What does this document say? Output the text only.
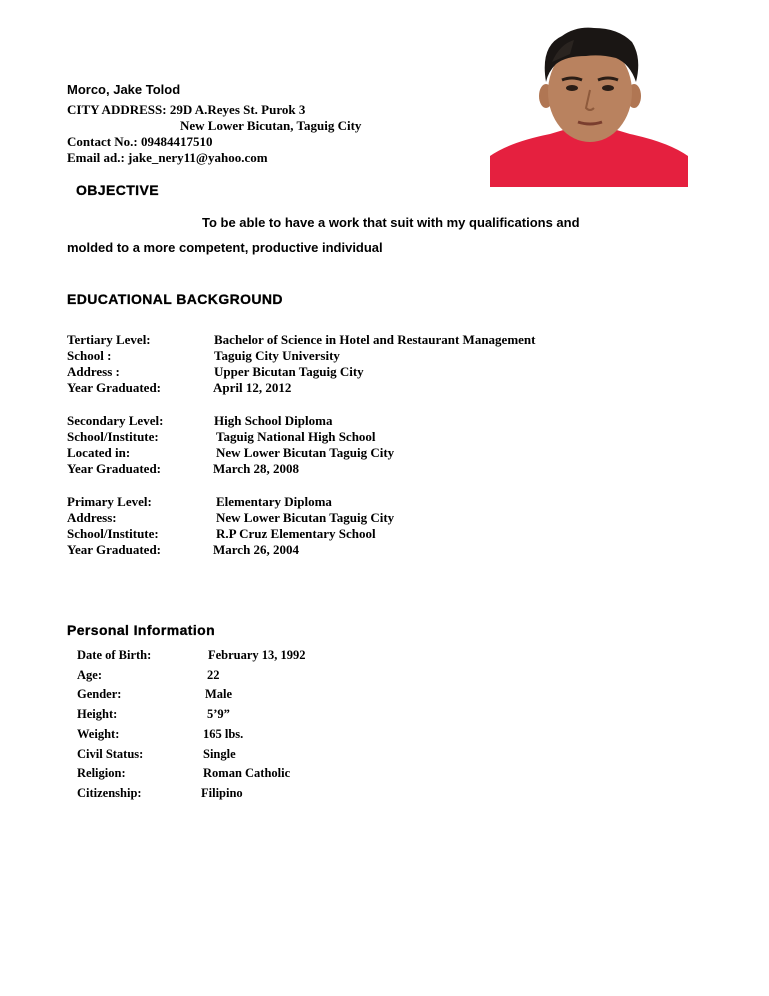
Morco, Jake Tolod
CITY ADDRESS: 29D A.Reyes St. Purok 3
New Lower Bicutan, Taguig City
Contact No.: 09484417510
Email ad.: jake_nery11@yahoo.com
OBJECTIVE
To be able to have a work that suit with my qualifications and
molded to a more competent, productive individual
EDUCATIONAL BACKGROUND
Tertiary Level:	Bachelor of Science in Hotel and Restaurant Management
School :	Taguig City University
Address :	Upper Bicutan Taguig City
Year Graduated:	April 12, 2012
Secondary Level:	High School Diploma
School/Institute:	Taguig National High School
Located in:	New Lower Bicutan Taguig City
Year Graduated:	March 28, 2008
Primary Level:	Elementary Diploma
Address:	New Lower Bicutan Taguig City
School/Institute:	R.P Cruz Elementary School
Year Graduated:	March 26, 2004
Personal Information
Date of Birth:	February 13, 1992
Age:	22
Gender:	Male
Height:	5’9”
Weight:	165 lbs.
Civil Status:	Single
Religion:	Roman Catholic
Citizenship:	Filipino
